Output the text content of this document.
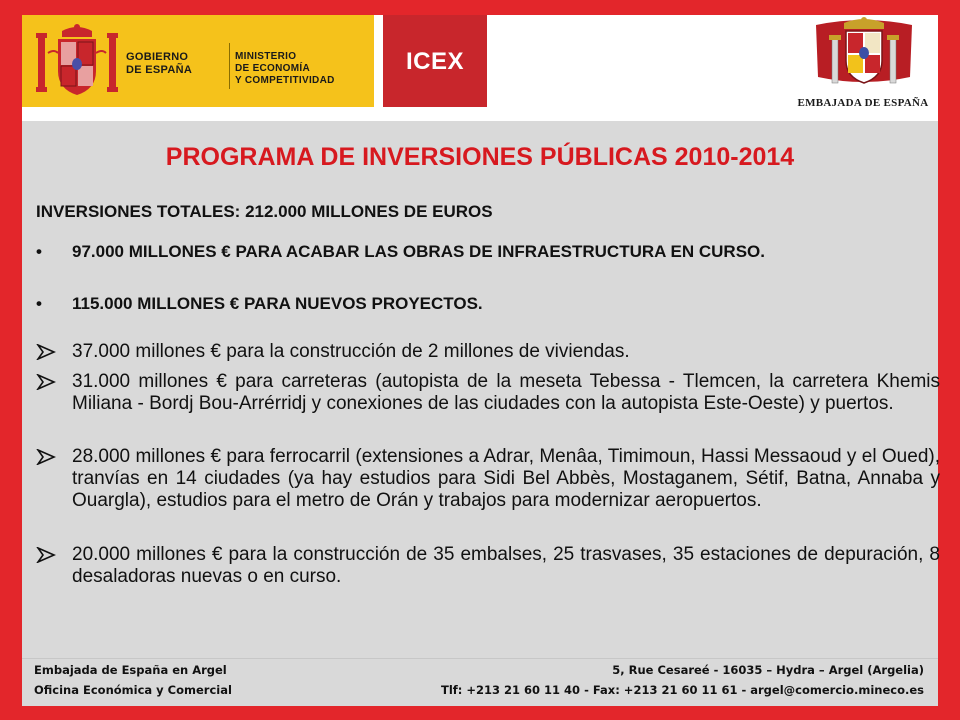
GOBIERNO
DE ESPAÑA
MINISTERIO
DE ECONOMÍA
Y COMPETITIVIDAD
ICEX
EMBAJADA DE ESPAÑA
PROGRAMA DE INVERSIONES PÚBLICAS 2010-2014
INVERSIONES TOTALES: 212.000 MILLONES DE EUROS
•	97.000 MILLONES € PARA ACABAR LAS OBRAS DE INFRAESTRUCTURA EN CURSO.
•	115.000 MILLONES € PARA NUEVOS PROYECTOS.
37.000 millones € para la construcción de 2 millones de viviendas.
31.000 millones € para carreteras (autopista de la meseta Tebessa - Tlemcen, la carretera Khemis Miliana - Bordj Bou-Arrérridj y conexiones de las ciudades con la autopista Este-Oeste) y puertos.
28.000 millones € para ferrocarril (extensiones a Adrar, Menâa, Timimoun, Hassi Messaoud y el Oued), tranvías en 14 ciudades (ya hay estudios para Sidi Bel Abbès, Mostaganem, Sétif, Batna, Annaba y Ouargla), estudios para el metro de Orán y trabajos para modernizar aeropuertos.
20.000 millones € para la construcción de 35 embalses, 25 trasvases, 35 estaciones de depuración, 8 desaladoras nuevas o en curso.
Embajada de España en Argel
Oficina Económica y Comercial
5, Rue Cesareé - 16035 – Hydra – Argel (Argelia)
Tlf: +213 21 60 11 40 - Fax: +213 21 60 11 61 - argel@comercio.mineco.es
